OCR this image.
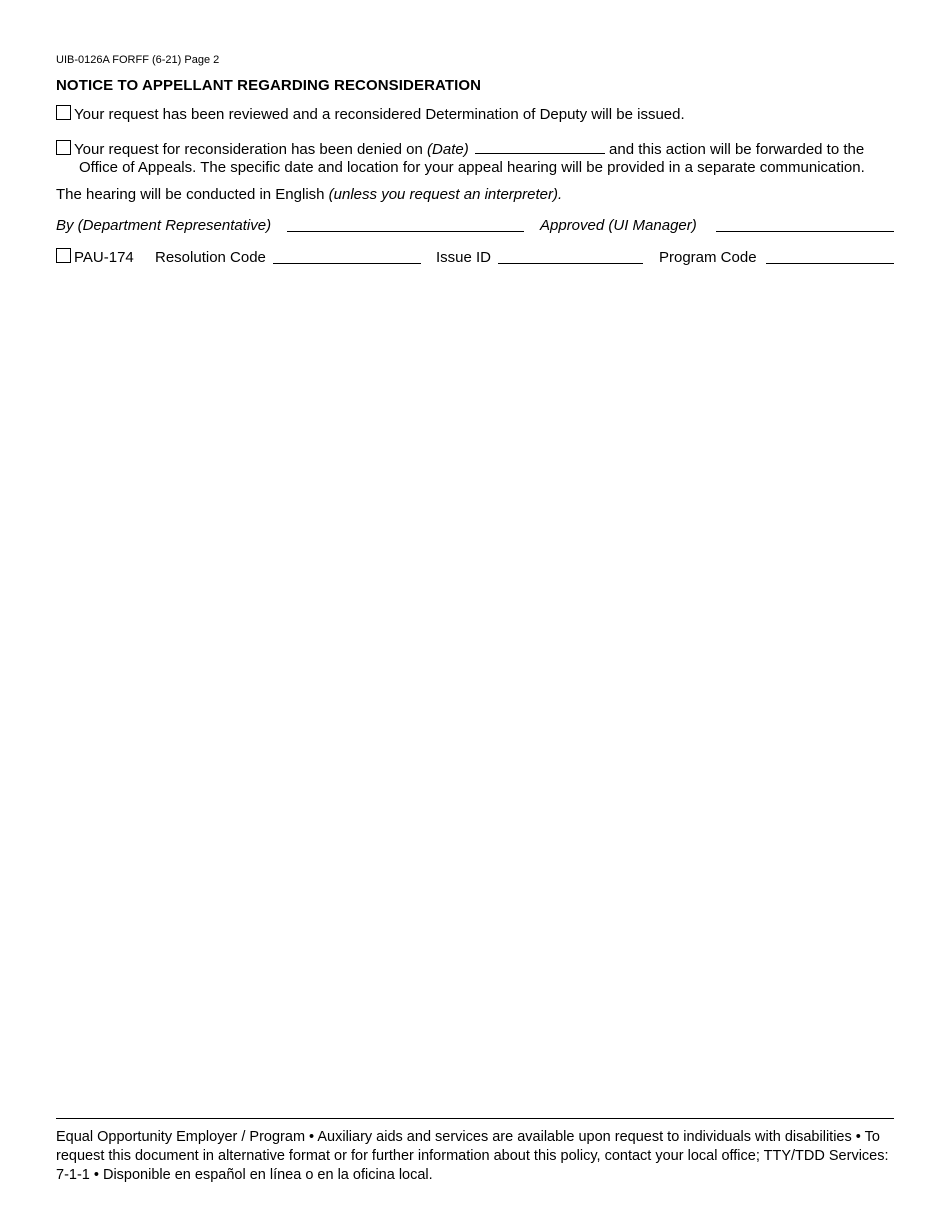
UIB-0126A FORFF (6-21) Page 2
NOTICE TO APPELLANT REGARDING RECONSIDERATION
Your request has been reviewed and a reconsidered Determination of Deputy will be issued.
Your request for reconsideration has been denied on (Date)	and this action will be forwarded to the
Office of Appeals. The specific date and location for your appeal hearing will be provided in a separate communication.
The hearing will be conducted in English (unless you request an interpreter).
By (Department Representative)	Approved (UI Manager)
PAU-174 Resolution Code	Issue ID	Program Code
Equal Opportunity Employer / Program • Auxiliary aids and services are available upon request to individuals with disabilities • To request this document in alternative format or for further information about this policy, contact your local office; TTY/TDD Services: 7-1-1 • Disponible en español en línea o en la oficina local.
